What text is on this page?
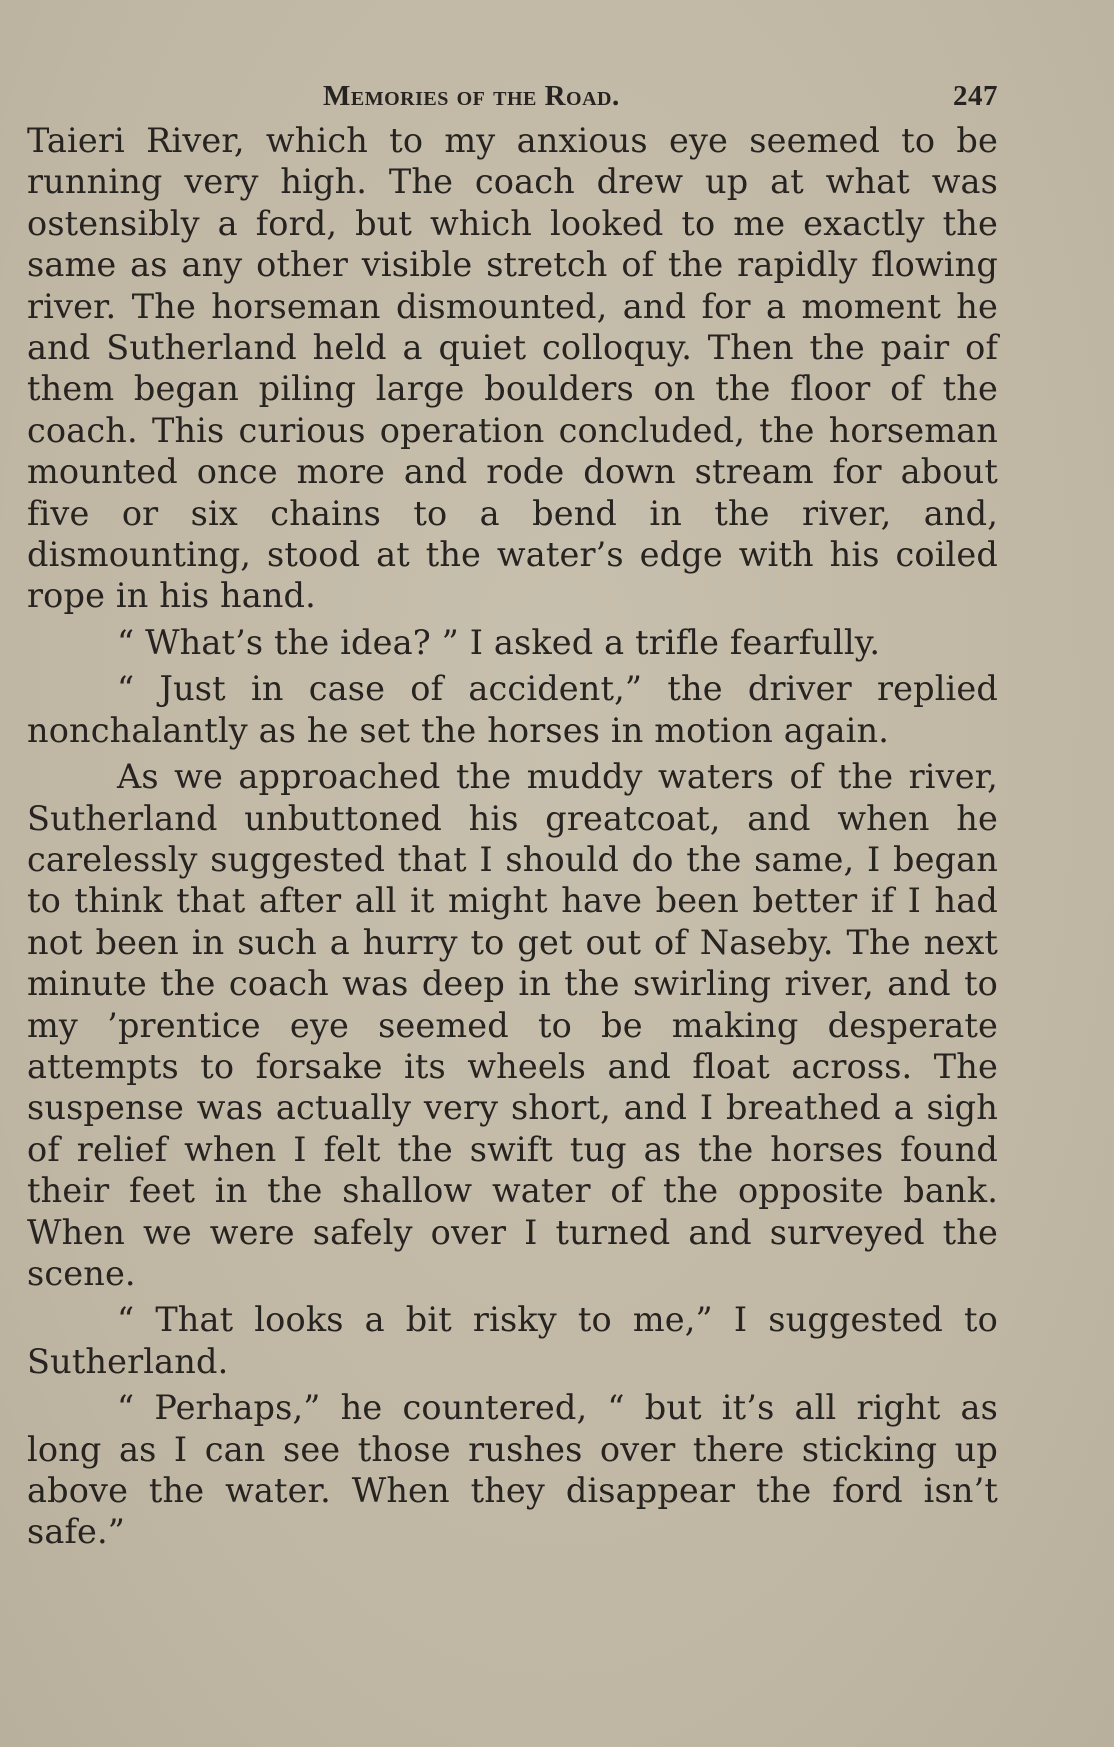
Memories of the Road.	247

Taieri River, which to my anxious eye seemed to be running very high. The coach drew up at what was ostensibly a ford, but which looked to me exactly the same as any other visible stretch of the rapidly flowing river. The horseman dismounted, and for a moment he and Sutherland held a quiet colloquy. Then the pair of them began piling large boulders on the floor of the coach. This curious operation concluded, the horseman mounted once more and rode down stream for about five or six chains to a bend in the river, and, dismounting, stood at the water’s edge with his coiled rope in his hand.

“ What’s the idea? ” I asked a trifle fearfully.

“ Just in case of accident,” the driver replied nonchalantly as he set the horses in motion again.

As we approached the muddy waters of the river, Sutherland unbuttoned his greatcoat, and when he carelessly suggested that I should do the same, I began to think that after all it might have been better if I had not been in such a hurry to get out of Naseby. The next minute the coach was deep in the swirling river, and to my ’prentice eye seemed to be making desperate attempts to forsake its wheels and float across. The suspense was actually very short, and I breathed a sigh of relief when I felt the swift tug as the horses found their feet in the shallow water of the opposite bank. When we were safely over I turned and surveyed the scene.

“ That looks a bit risky to me,” I suggested to Sutherland.

“ Perhaps,” he countered, “ but it’s all right as long as I can see those rushes over there sticking up above the water. When they disappear the ford isn’t safe.”
